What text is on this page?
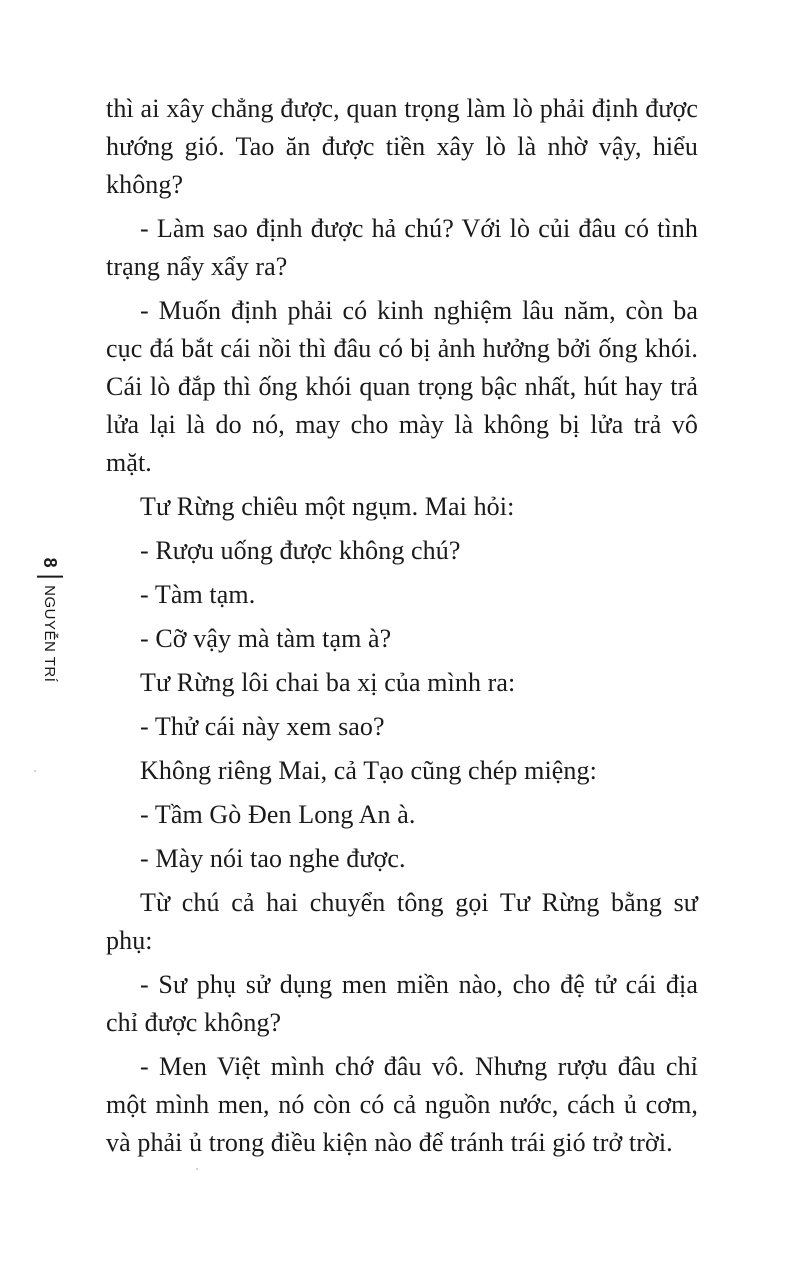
8
NGUYỄN TRÍ

thì ai xây chẳng được, quan trọng làm lò phải định được hướng gió. Tao ăn được tiền xây lò là nhờ vậy, hiểu không?

- Làm sao định được hả chú? Với lò củi đâu có tình trạng nẩy xẩy ra?

- Muốn định phải có kinh nghiệm lâu năm, còn ba cục đá bắt cái nồi thì đâu có bị ảnh hưởng bởi ống khói. Cái lò đắp thì ống khói quan trọng bậc nhất, hút hay trả lửa lại là do nó, may cho mày là không bị lửa trả vô mặt.

Tư Rừng chiêu một ngụm. Mai hỏi:

- Rượu uống được không chú?

- Tàm tạm.

- Cỡ vậy mà tàm tạm à?

Tư Rừng lôi chai ba xị của mình ra:

- Thử cái này xem sao?

Không riêng Mai, cả Tạo cũng chép miệng:

- Tầm Gò Đen Long An à.

- Mày nói tao nghe được.

Từ chú cả hai chuyển tông gọi Tư Rừng bằng sư phụ:

- Sư phụ sử dụng men miền nào, cho đệ tử cái địa chỉ được không?

- Men Việt mình chớ đâu vô. Nhưng rượu đâu chỉ một mình men, nó còn có cả nguồn nước, cách ủ cơm, và phải ủ trong điều kiện nào để tránh trái gió trở trời.
